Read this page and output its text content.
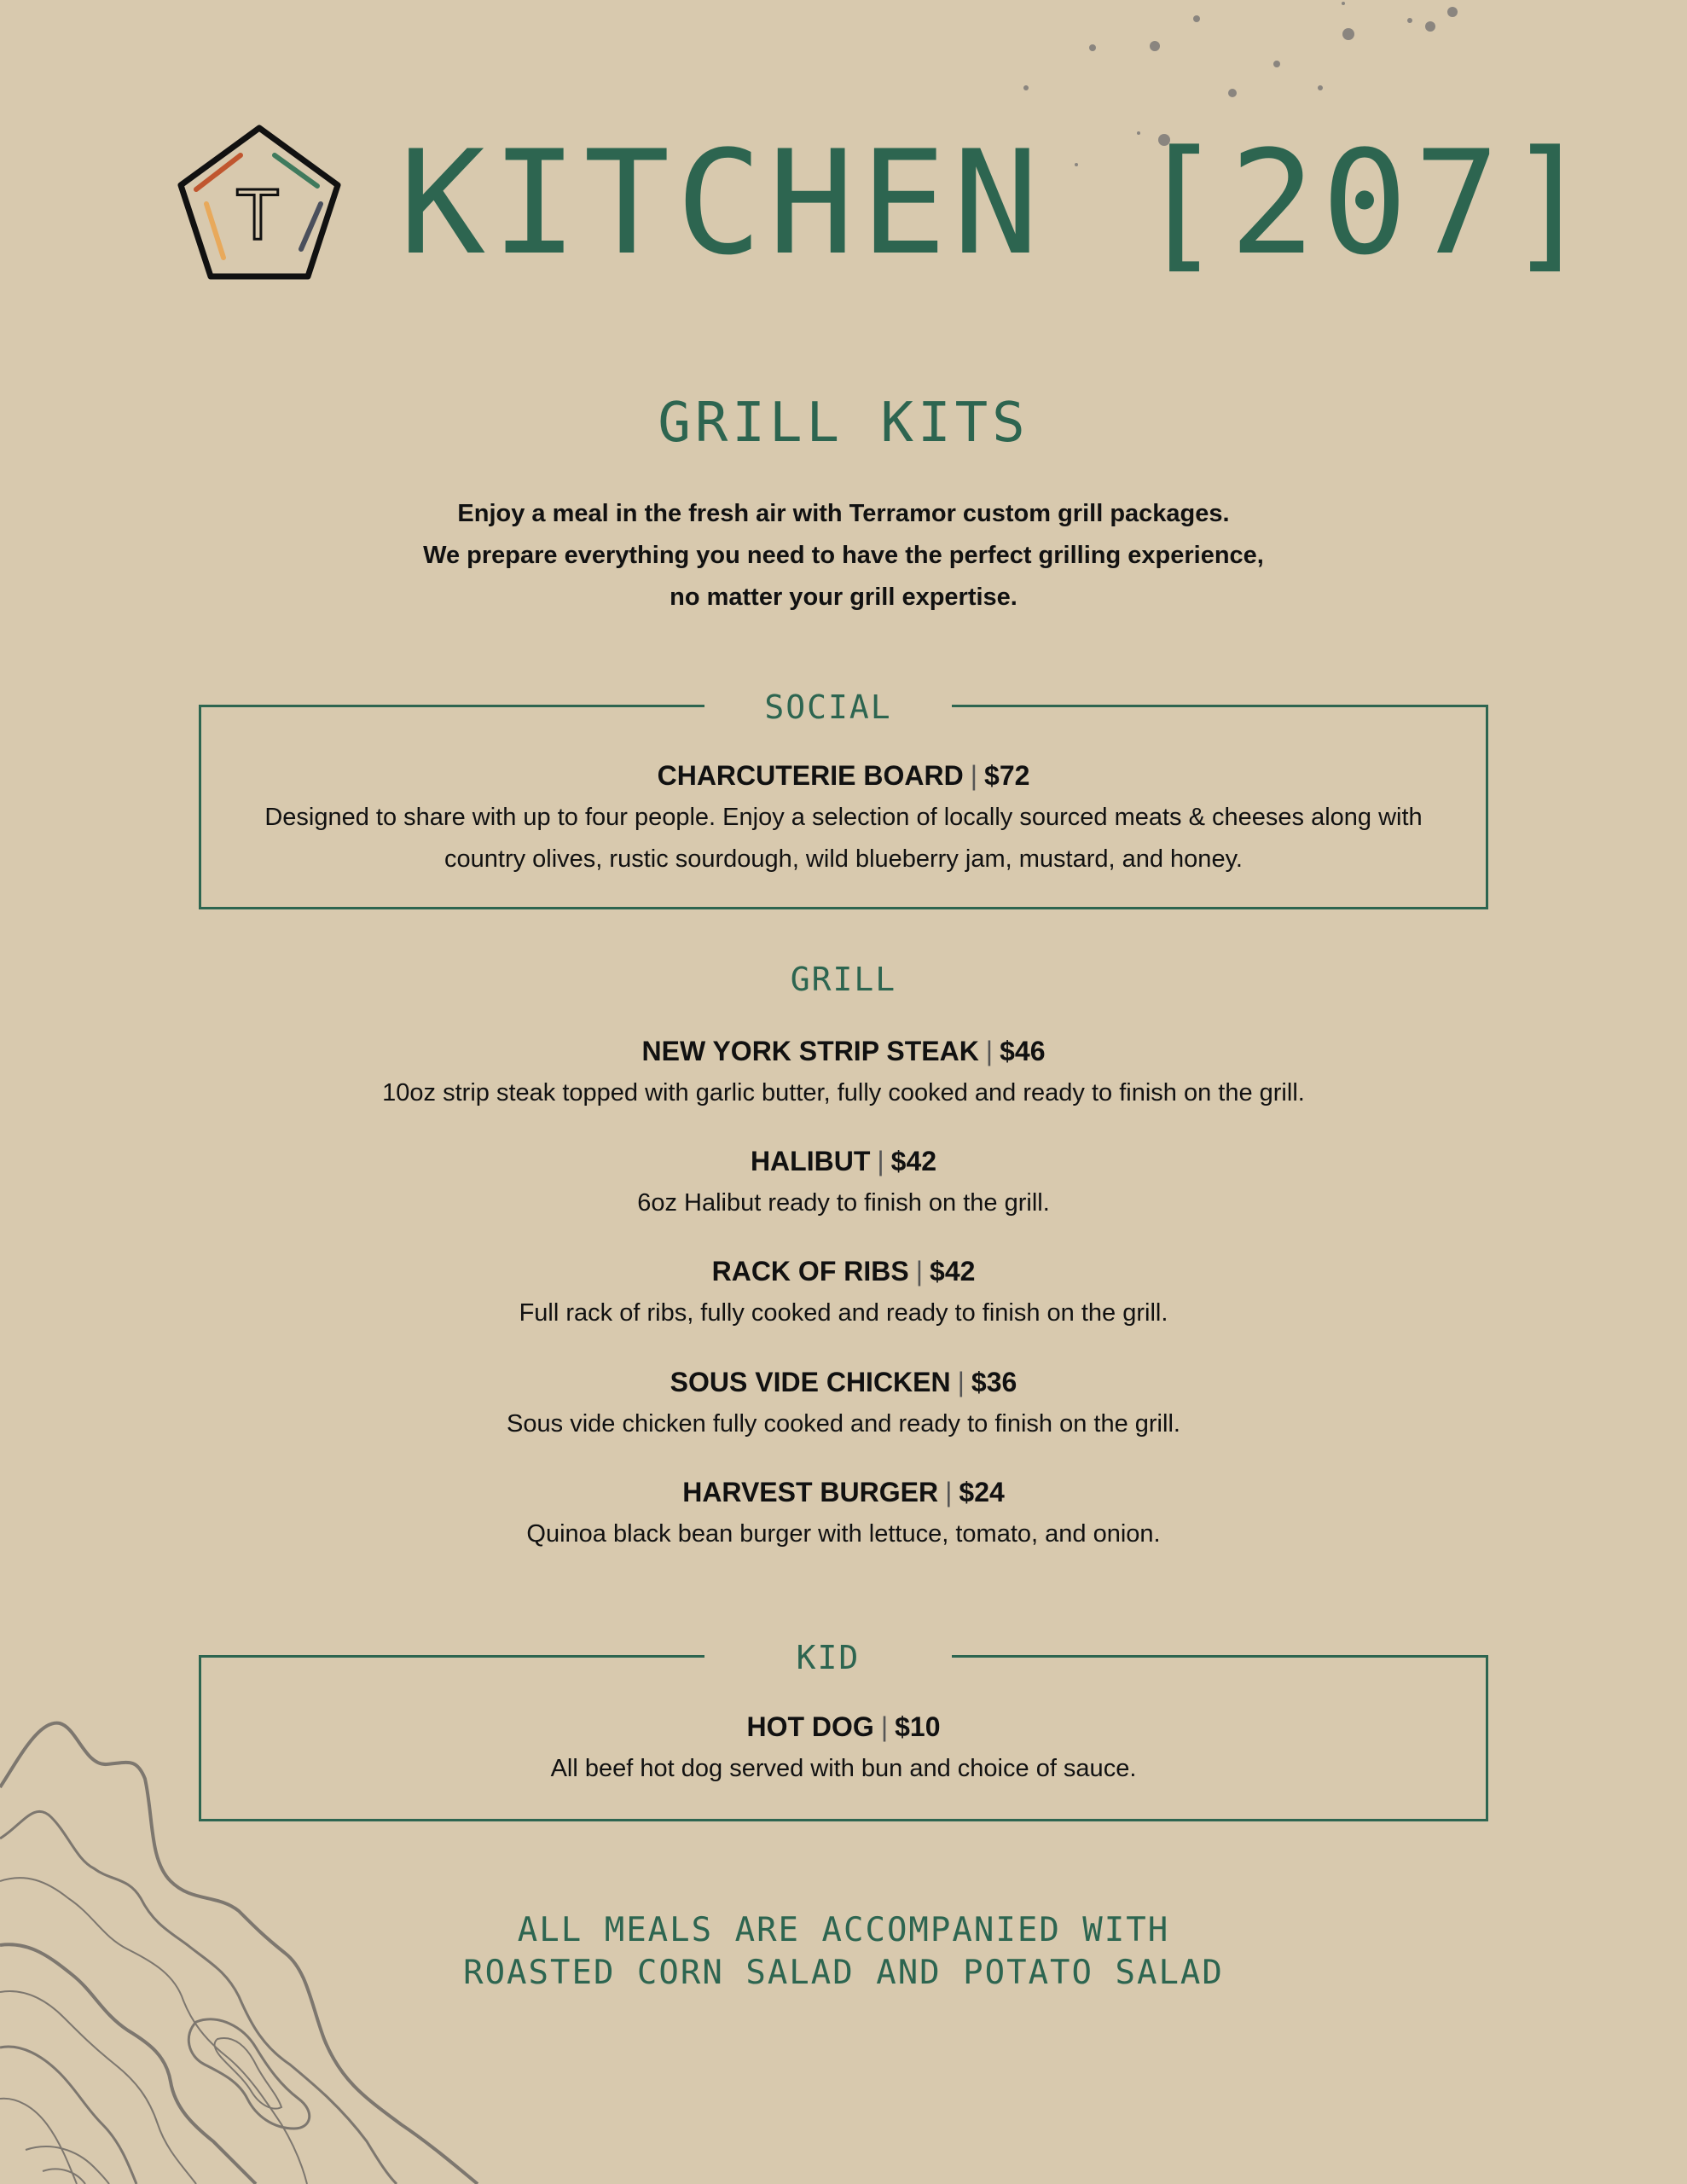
T KITCHEN [207]
GRILL KITS
Enjoy a meal in the fresh air with Terramor custom grill packages.
We prepare everything you need to have the perfect grilling experience,
no matter your grill expertise.
SOCIAL
CHARCUTERIE BOARD | $72
Designed to share with up to four people. Enjoy a selection of locally sourced meats & cheeses along with
country olives, rustic sourdough, wild blueberry jam, mustard, and honey.
GRILL
NEW YORK STRIP STEAK | $46
10oz strip steak topped with garlic butter, fully cooked and ready to finish on the grill.
HALIBUT | $42
6oz Halibut ready to finish on the grill.
RACK OF RIBS | $42
Full rack of ribs, fully cooked and ready to finish on the grill.
SOUS VIDE CHICKEN | $36
Sous vide chicken fully cooked and ready to finish on the grill.
HARVEST BURGER | $24
Quinoa black bean burger with lettuce, tomato, and onion.
KID
HOT DOG | $10
All beef hot dog served with bun and choice of sauce.
ALL MEALS ARE ACCOMPANIED WITH
ROASTED CORN SALAD AND POTATO SALAD
